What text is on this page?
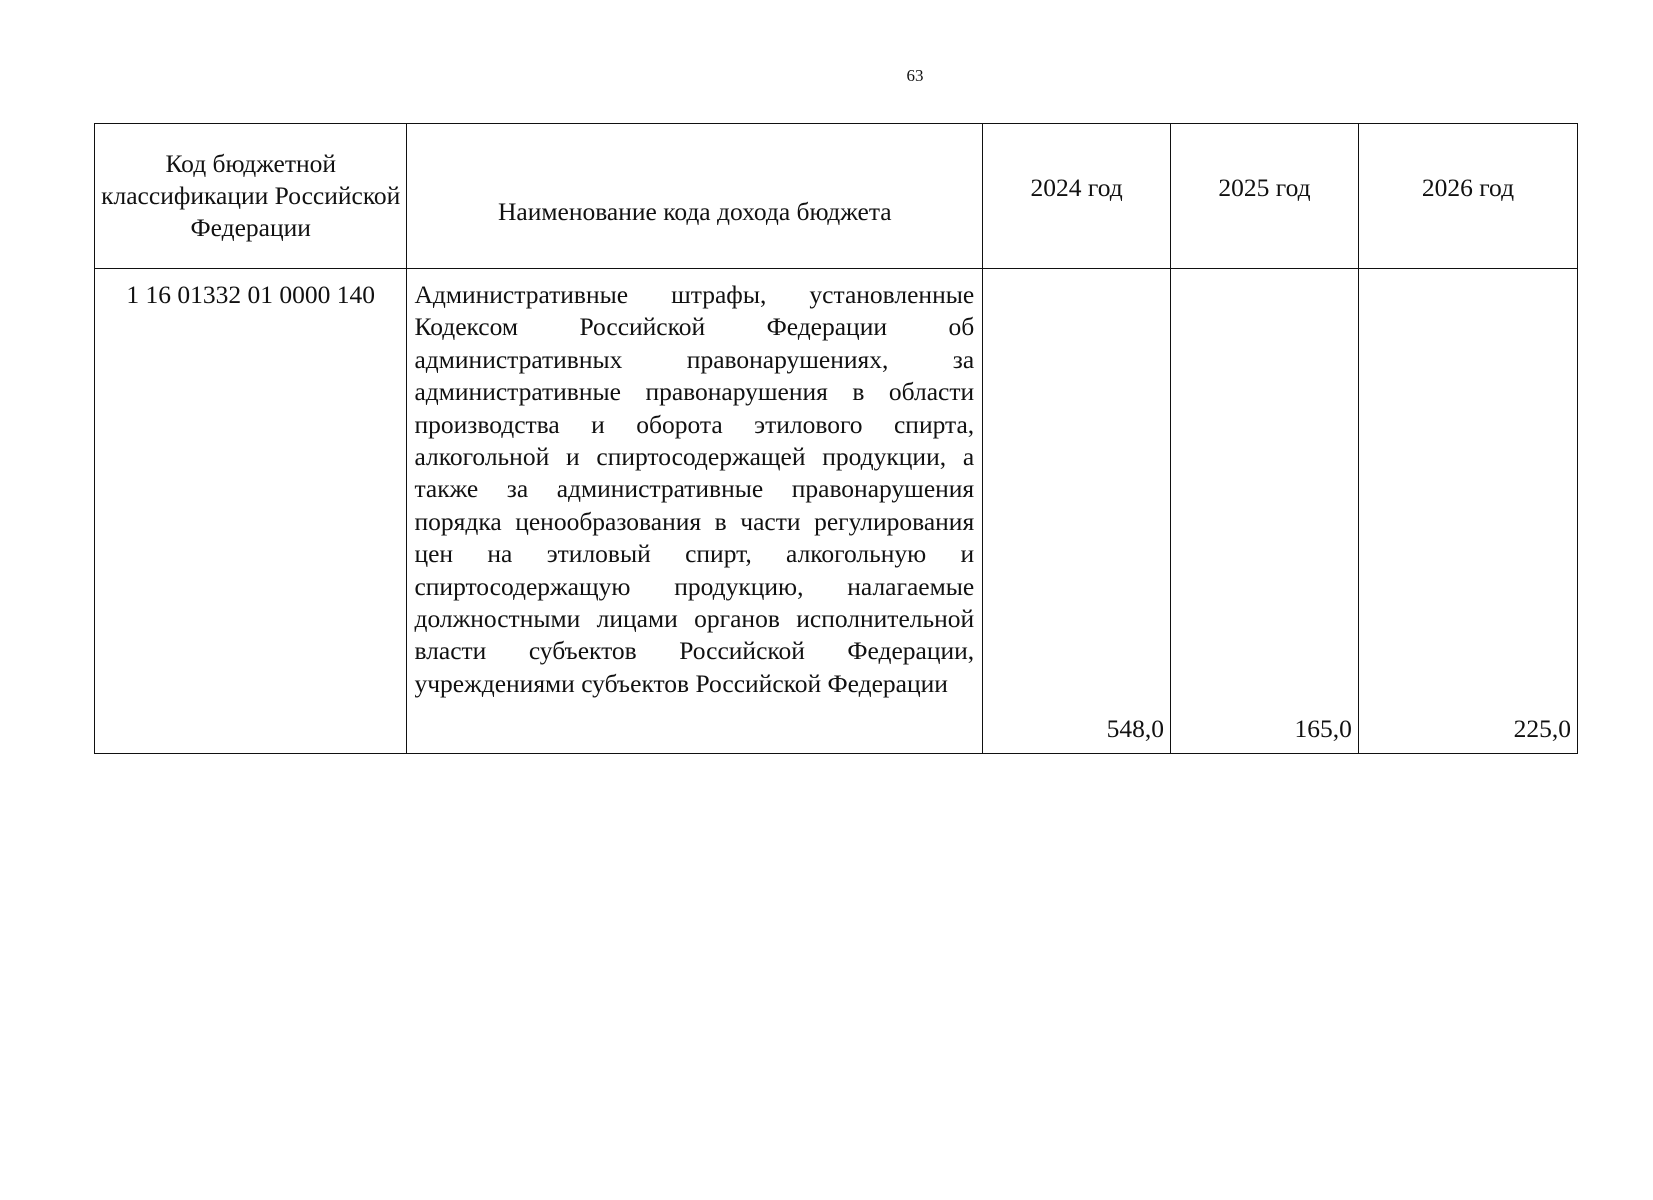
63
Код бюджетной классификации Российской Федерации	Наименование кода дохода бюджета	2024 год	2025 год	2026 год
1 16 01332 01 0000 140	Административные штрафы, установленные Кодексом Российской Федерации об административных правонарушениях, за административные правонарушения в области производства и оборота этилового спирта, алкогольной и спиртосодержащей продукции, а также за административные правонарушения порядка ценообразования в части регулирования цен на этиловый спирт, алкогольную и спиртосодержащую продукцию, налагаемые должностными лицами органов исполнительной власти субъектов Российской Федерации, учреждениями субъектов Российской Федерации	548,0	165,0	225,0
